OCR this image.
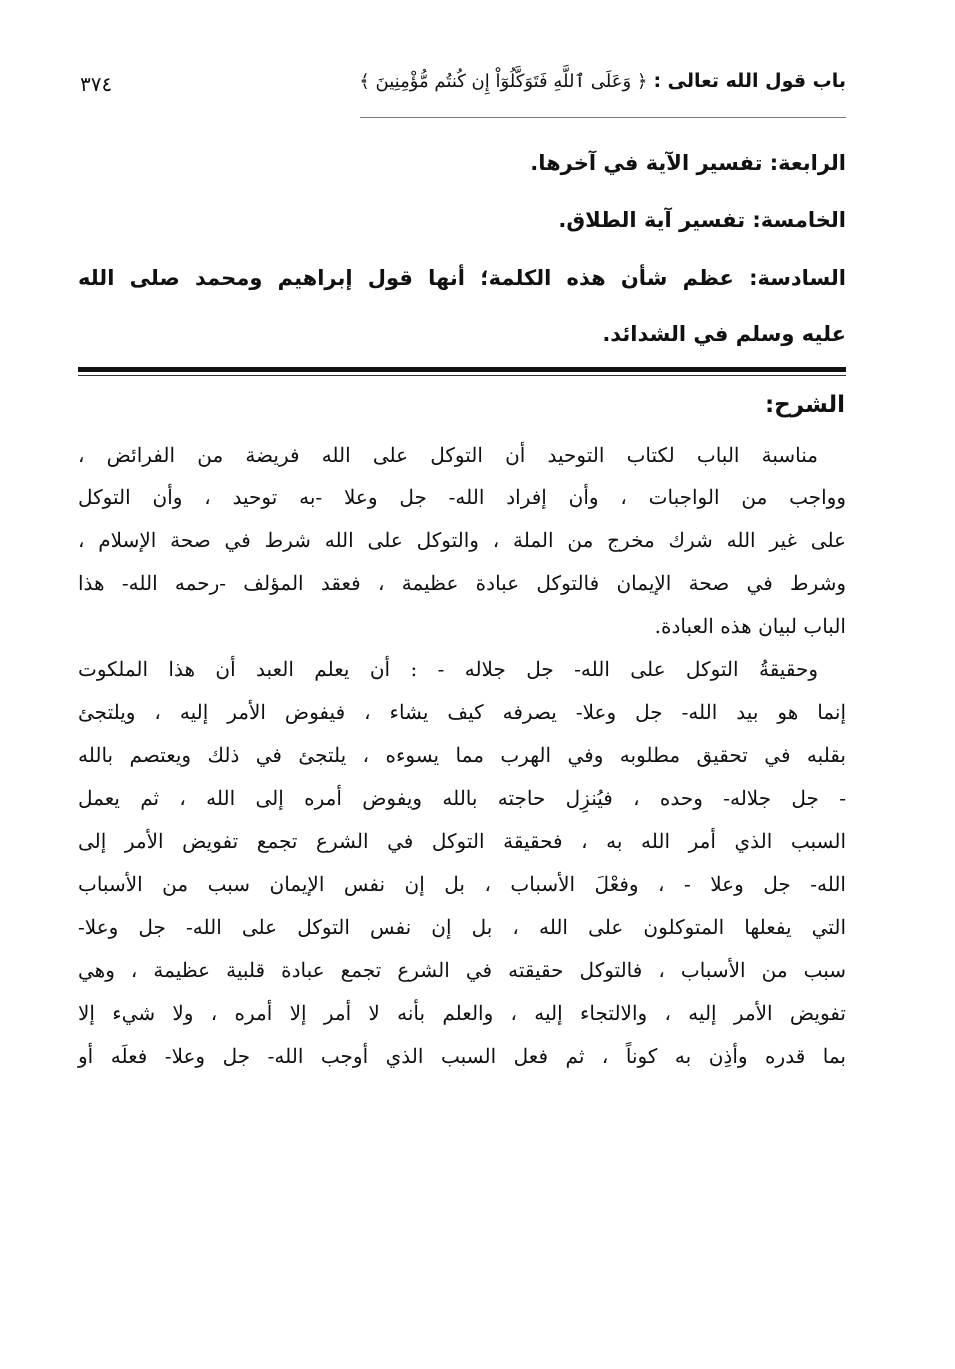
باب قول الله تعالى : ﴿ وَعَلَى ٱللَّهِ فَتَوَكَّلُوٓاْ إِن كُنتُم مُّؤْمِنِينَ ﴾
٣٧٤
الرابعة: تفسير الآية في آخرها.
الخامسة: تفسير آية الطلاق.
السادسة: عظم شأن هذه الكلمة؛ أنها قول إبراهيم ومحمد صلى الله
عليه وسلم في الشدائد.
الشرح:
مناسبة الباب لكتاب التوحيد أن التوكل على الله فريضة من الفرائض ،
وواجب من الواجبات ، وأن إفراد الله- جل وعلا -به توحيد ، وأن التوكل
على غير الله شرك مخرج من الملة ، والتوكل على الله شرط في صحة الإسلام ،
وشرط في صحة الإيمان فالتوكل عبادة عظيمة ، فعقد المؤلف -رحمه الله- هذا
الباب لبيان هذه العبادة.
وحقيقةُ التوكل على الله- جل جلاله - : أن يعلم العبد أن هذا الملكوت
إنما هو بيد الله- جل وعلا- يصرفه كيف يشاء ، فيفوض الأمر إليه ، ويلتجئ
بقلبه في تحقيق مطلوبه وفي الهرب مما يسوءه ، يلتجئ في ذلك ويعتصم بالله
- جل جلاله- وحده ، فيُنزِل حاجته بالله ويفوض أمره إلى الله ، ثم يعمل
السبب الذي أمر الله به ، فحقيقة التوكل في الشرع تجمع تفويض الأمر إلى
الله- جل وعلا - ، وفعْلَ الأسباب ، بل إن نفس الإيمان سبب من الأسباب
التي يفعلها المتوكلون على الله ، بل إن نفس التوكل على الله- جل وعلا-
سبب من الأسباب ، فالتوكل حقيقته في الشرع تجمع عبادة قلبية عظيمة ، وهي
تفويض الأمر إليه ، والالتجاء إليه ، والعلم بأنه لا أمر إلا أمره ، ولا شيء إلا
بما قدره وأذِن به كوناً ، ثم فعل السبب الذي أوجب الله- جل وعلا- فعلَه أو
